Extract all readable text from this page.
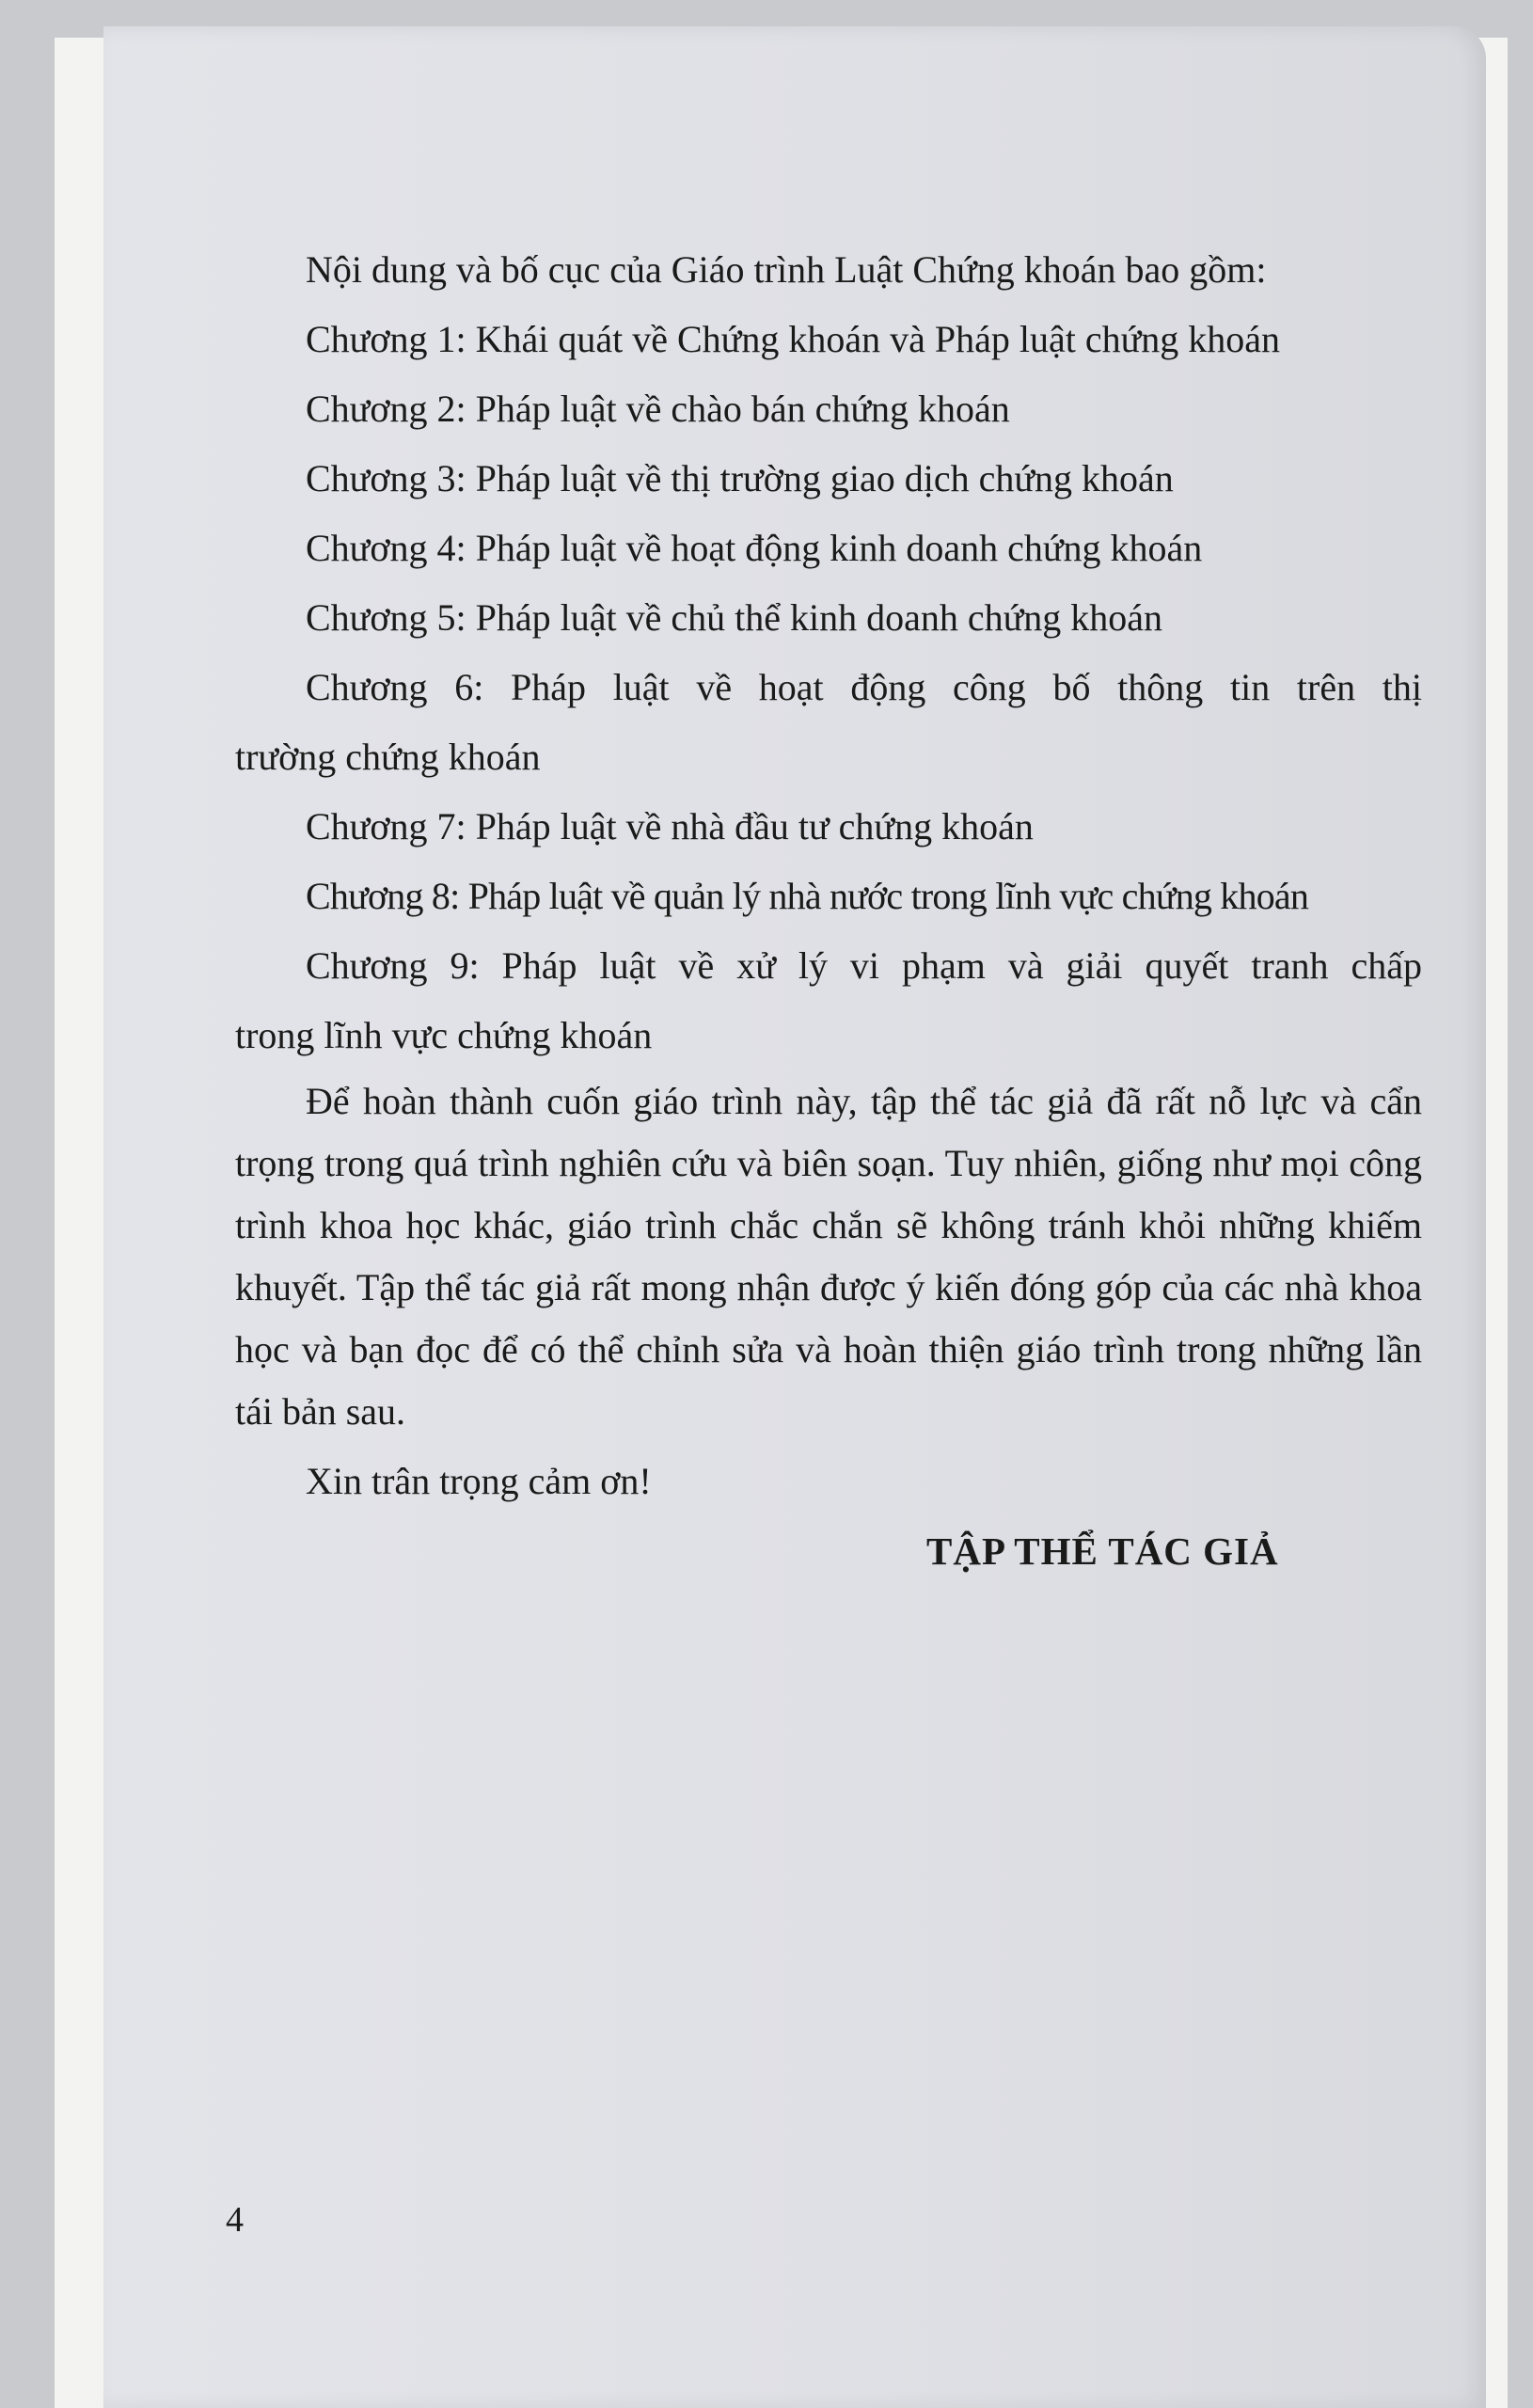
Nội dung và bố cục của Giáo trình Luật Chứng khoán bao gồm:

Chương 1: Khái quát về Chứng khoán và Pháp luật chứng khoán

Chương 2: Pháp luật về chào bán chứng khoán

Chương 3: Pháp luật về thị trường giao dịch chứng khoán

Chương 4: Pháp luật về hoạt động kinh doanh chứng khoán

Chương 5: Pháp luật về chủ thể kinh doanh chứng khoán

Chương 6: Pháp luật về hoạt động công bố thông tin trên thị

trường chứng khoán

Chương 7: Pháp luật về nhà đầu tư chứng khoán

Chương 8: Pháp luật về quản lý nhà nước trong lĩnh vực chứng khoán

Chương 9: Pháp luật về xử lý vi phạm và giải quyết tranh chấp

trong lĩnh vực chứng khoán

Để hoàn thành cuốn giáo trình này, tập thể tác giả đã rất nỗ lực và cẩn trọng trong quá trình nghiên cứu và biên soạn. Tuy nhiên, giống như mọi công trình khoa học khác, giáo trình chắc chắn sẽ không tránh khỏi những khiếm khuyết. Tập thể tác giả rất mong nhận được ý kiến đóng góp của các nhà khoa học và bạn đọc để có thể chỉnh sửa và hoàn thiện giáo trình trong những lần tái bản sau.

Xin trân trọng cảm ơn!

TẬP THỂ TÁC GIẢ
4
